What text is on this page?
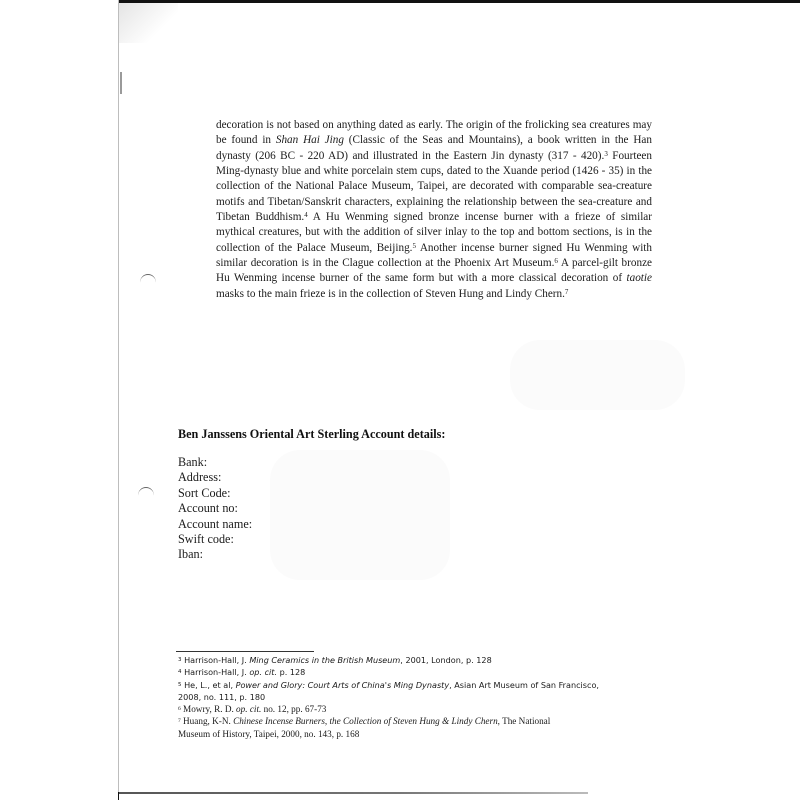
decoration is not based on anything dated as early. The origin of the frolicking sea creatures may be found in Shan Hai Jing (Classic of the Seas and Mountains), a book written in the Han dynasty (206 BC - 220 AD) and illustrated in the Eastern Jin dynasty (317 - 420).$^3$ Fourteen Ming-dynasty blue and white porcelain stem cups, dated to the Xuande period (1426 - 35) in the collection of the National Palace Museum, Taipei, are decorated with comparable sea-creature motifs and Tibetan/Sanskrit characters, explaining the relationship between the sea-creature and Tibetan Buddhism.$^4$ A Hu Wenming signed bronze incense burner with a frieze of similar mythical creatures, but with the addition of silver inlay to the top and bottom sections, is in the collection of the Palace Museum, Beijing.$^5$ Another incense burner signed Hu Wenming with similar decoration is in the Clague collection at the Phoenix Art Museum.$^6$ A parcel-gilt bronze Hu Wenming incense burner of the same form but with a more classical decoration of taotie masks to the main frieze is in the collection of Steven Hung and Lindy Chern.$^7$
Ben Janssens Oriental Art Sterling Account details:
Bank:
Address:
Sort Code:
Account no:
Account name:
Swift code:
Iban:
$^3$ Harrison-Hall, J. Ming Ceramics in the British Museum, 2001, London, p. 128
$^4$ Harrison-Hall, J. op. cit. p. 128
$^5$ He, L., et al, Power and Glory: Court Arts of China's Ming Dynasty, Asian Art Museum of San Francisco,
2008, no. 111, p. 180
$^6$ Mowry, R. D. op. cit. no. 12, pp. 67-73
$^7$ Huang, K-N. Chinese Incense Burners, the Collection of Steven Hung & Lindy Chern, The National
Museum of History, Taipei, 2000, no. 143, p. 168
